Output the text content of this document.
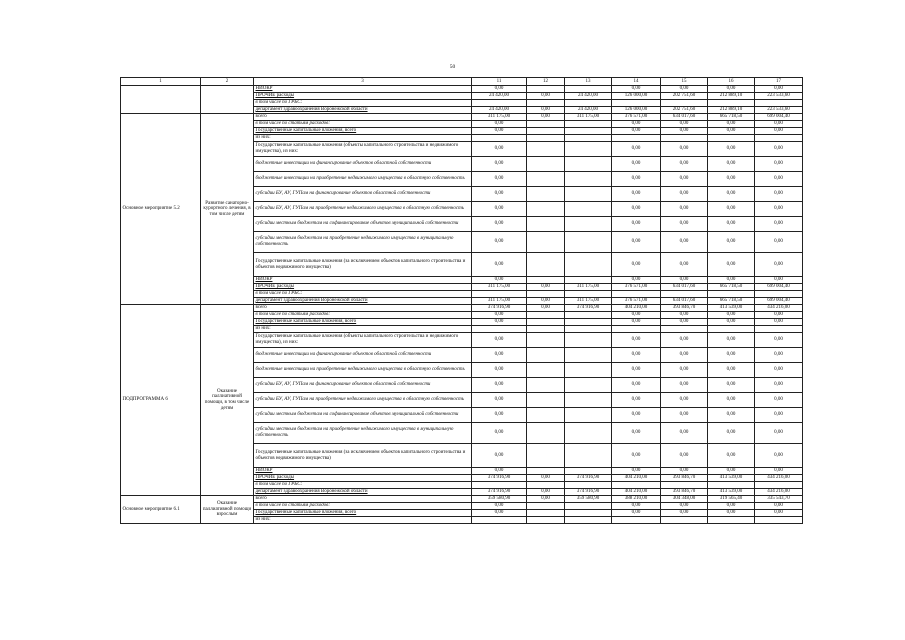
50
1	2	3	11	12	13	14	15	16	17
		НИОКР	0,00			0,00	0,00	0,00	0,00
		ПРОЧИЕ расходы	24 420,00	0,00	24 420,00	126 000,00	202 751,60	212 889,10	223 533,60
		в том числе по ГРБС:							
		департамент здравоохранения Воронежской области	24 420,00	0,00	24 420,00	126 000,00	202 751,60	212 889,10	223 533,60
Основное мероприятие 5.2	Развитие санаторно-курортного лечения, в том числе детям	всего	311 175,00	0,00	311 175,00	376 571,00	634 017,60	665 718,50	699 004,40
		в том числе по статьям расходов:	0,00			0,00	0,00	0,00	0,00
		Государственные капитальные вложения, всего	0,00			0,00	0,00	0,00	0,00
		из них:							
		Государственные капитальные вложения (объекты капитального строительства и недвижимого имущества), из них:	0,00			0,00	0,00	0,00	0,00
		бюджетные инвестиции на финансирование объектов областной собственности	0,00			0,00	0,00	0,00	0,00
		бюджетные инвестиции на приобретение недвижимого имущества в областную собственность	0,00			0,00	0,00	0,00	0,00
		субсидии БУ, АУ, ГУПам на финансирование объектов областной собственности	0,00			0,00	0,00	0,00	0,00
		субсидии БУ, АУ, ГУПам на приобретение недвижимого имущества в областную собственность	0,00			0,00	0,00	0,00	0,00
		субсидии местным бюджетам на софинансирование объектов муниципальной собственности	0,00			0,00	0,00	0,00	0,00
		субсидии местным бюджетам на приобретение недвижимого имущества в муниципальную собственность	0,00			0,00	0,00	0,00	0,00
		Государственные капитальные вложения (за исключением объектов капитального строительства и объектов недвижимого имущества)	0,00			0,00	0,00	0,00	0,00
		НИОКР	0,00			0,00	0,00	0,00	0,00
		ПРОЧИЕ расходы	311 175,00	0,00	311 175,00	376 571,00	634 017,60	665 718,50	699 004,40
		в том числе по ГРБС:							
		департамент здравоохранения Воронежской области	311 175,00	0,00	311 175,00	376 571,00	634 017,60	665 718,50	699 004,40
ПОДПРОГРАММА 6	Оказание паллиативной помощи, в том числе детям	всего	374 916,90	0,00	374 916,90	404 210,00	393 846,70	413 539,00	434 216,00
		в том числе по статьям расходов:	0,00			0,00	0,00	0,00	0,00
		Государственные капитальные вложения, всего	0,00			0,00	0,00	0,00	0,00
		из них:							
		Государственные капитальные вложения (объекты капитального строительства и недвижимого имущества), из них:	0,00			0,00	0,00	0,00	0,00
		бюджетные инвестиции на финансирование объектов областной собственности	0,00			0,00	0,00	0,00	0,00
		бюджетные инвестиции на приобретение недвижимого имущества в областную собственность	0,00			0,00	0,00	0,00	0,00
		субсидии БУ, АУ, ГУПам на финансирование объектов областной собственности	0,00			0,00	0,00	0,00	0,00
		субсидии БУ, АУ, ГУПам на приобретение недвижимого имущества в областную собственность	0,00			0,00	0,00	0,00	0,00
		субсидии местным бюджетам на софинансирование объектов муниципальной собственности	0,00			0,00	0,00	0,00	0,00
		субсидии местным бюджетам на приобретение недвижимого имущества в муниципальную собственность	0,00			0,00	0,00	0,00	0,00
		Государственные капитальные вложения (за исключением объектов капитального строительства и объектов недвижимого имущества)	0,00			0,00	0,00	0,00	0,00
		НИОКР	0,00			0,00	0,00	0,00	0,00
		ПРОЧИЕ расходы	374 916,90	0,00	374 916,90	404 210,00	393 846,70	413 539,00	434 216,00
		в том числе по ГРБС:							
		департамент здравоохранения Воронежской области	374 916,90	0,00	374 916,90	404 210,00	393 846,70	413 539,00	434 216,00
Основное мероприятие 6.1	Оказание паллиативной помощи взрослым	всего	359 580,90	0,00	359 580,90	388 210,00	304 348,00	319 565,40	335 543,70
		в том числе по статьям расходов:	0,00			0,00	0,00	0,00	0,00
		Государственные капитальные вложения, всего	0,00			0,00	0,00	0,00	0,00
		из них:							
